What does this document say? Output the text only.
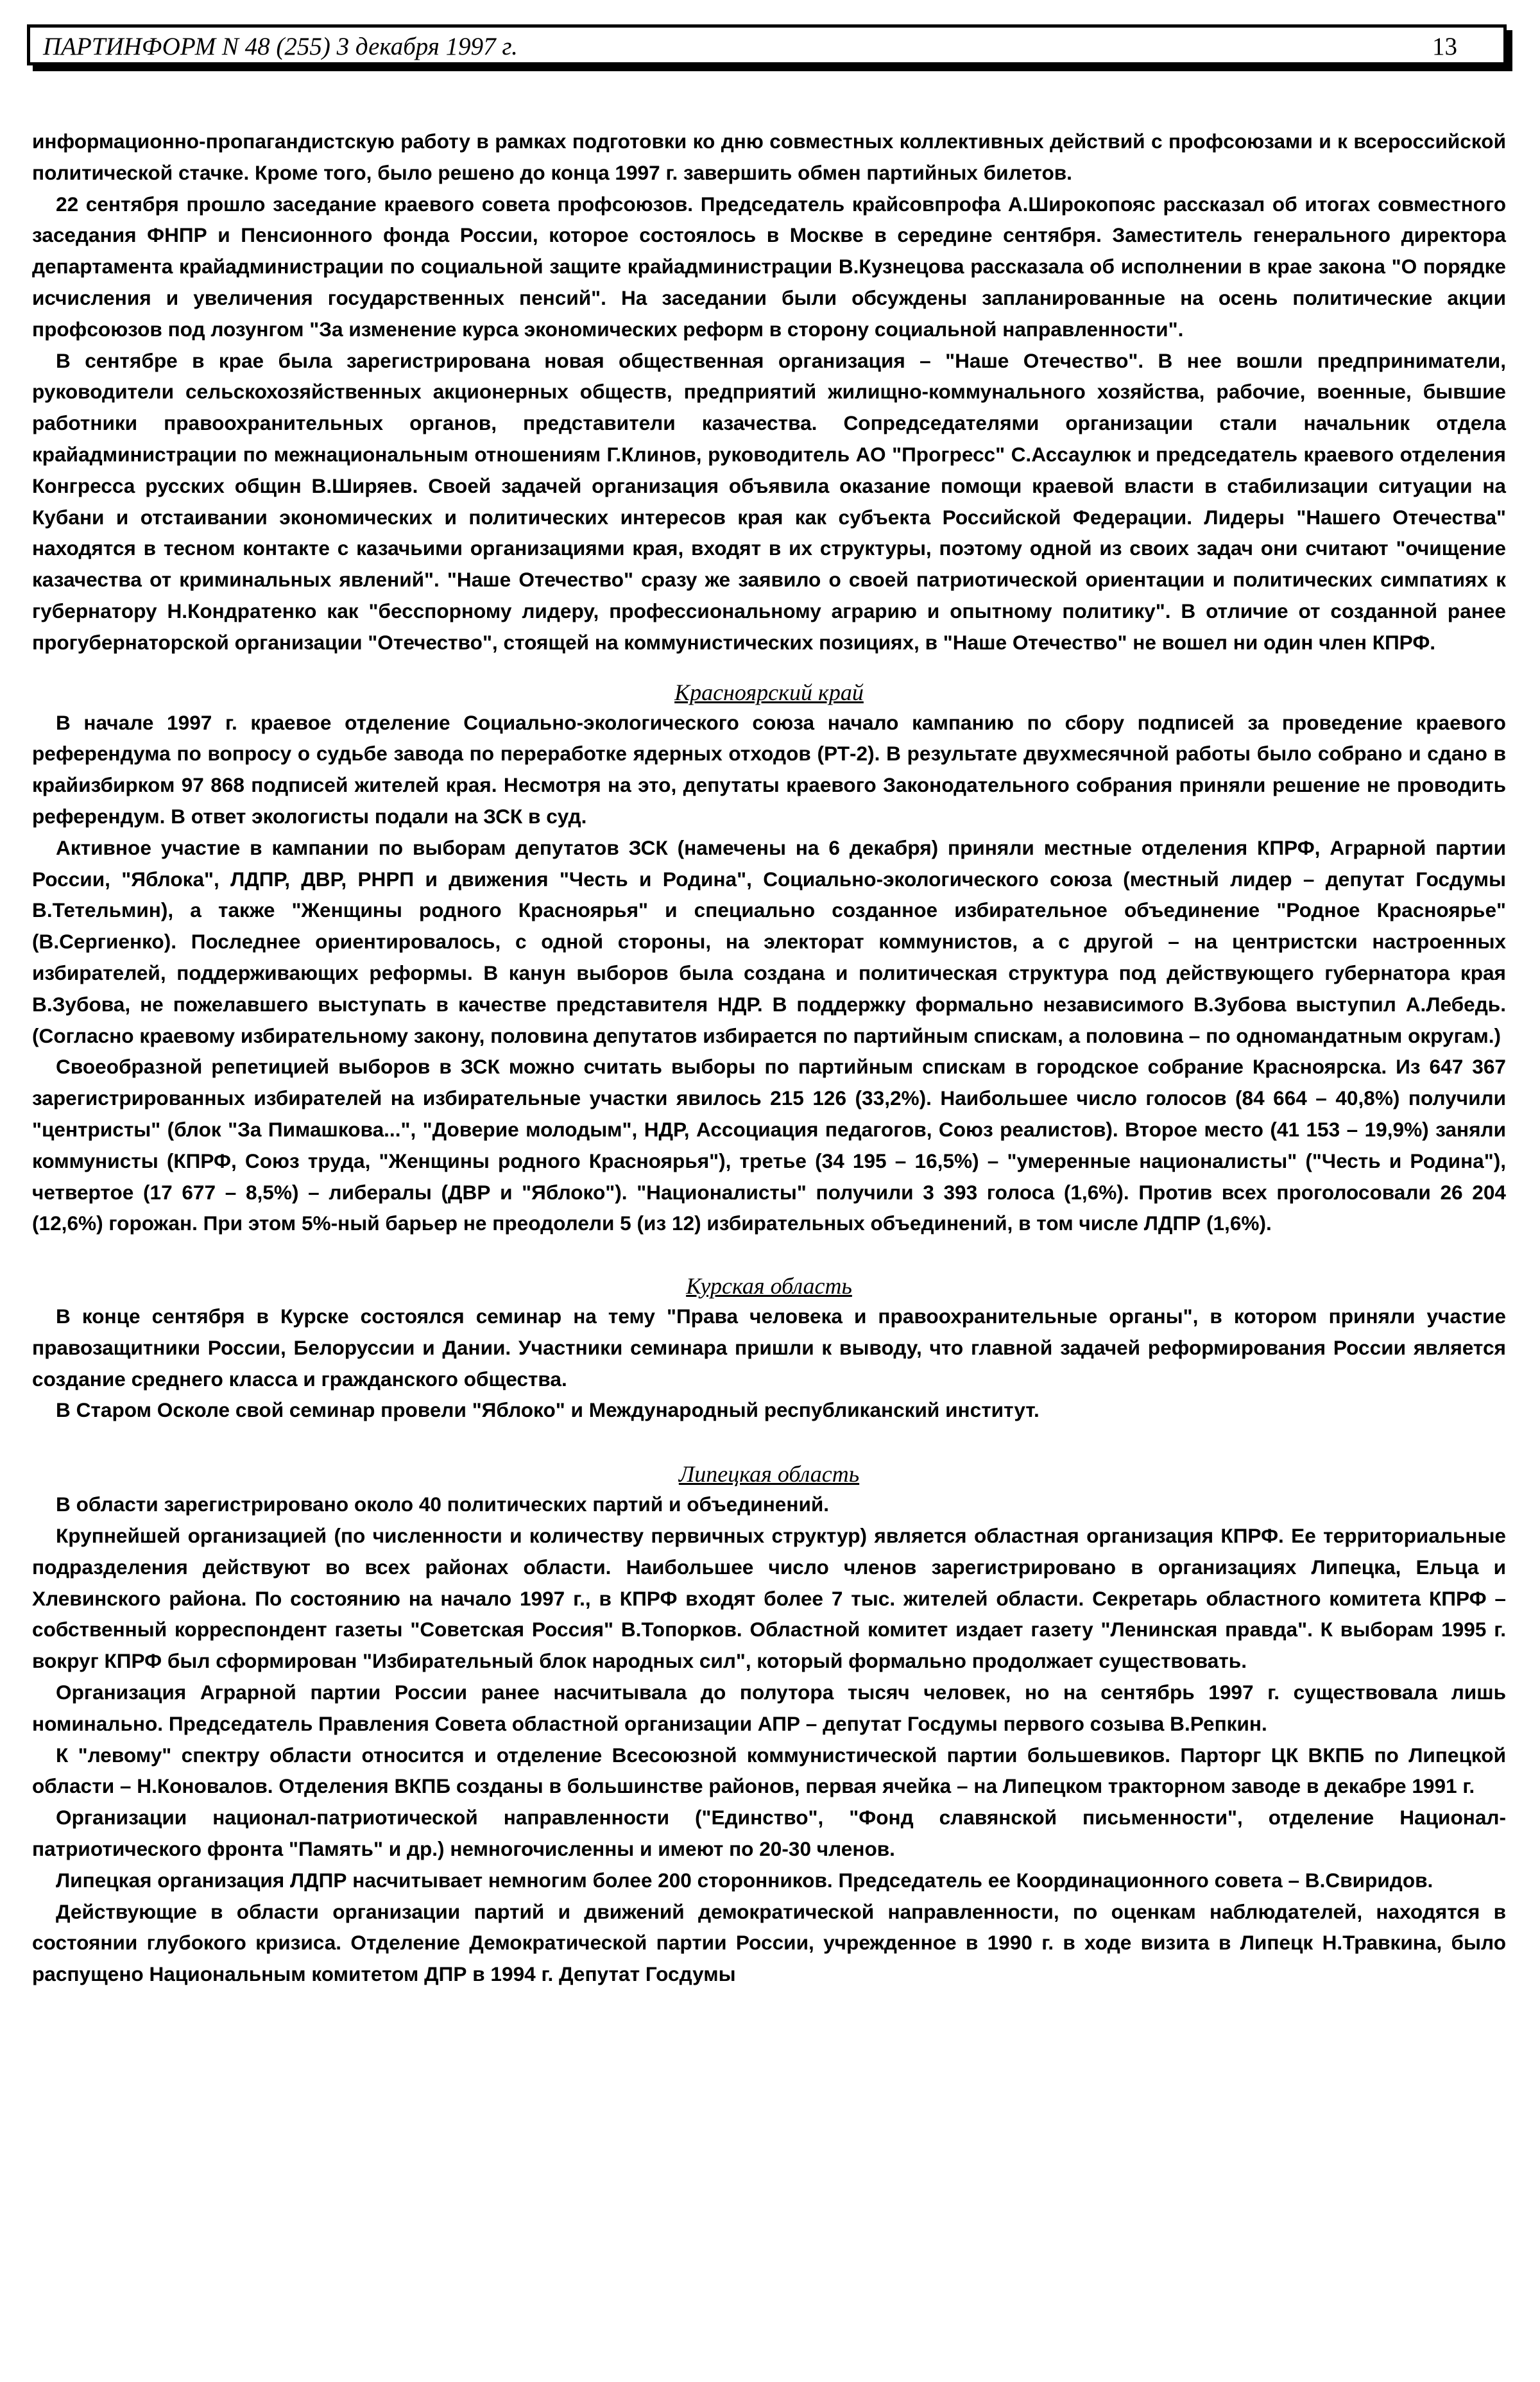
ПАРТИНФОРМ N 48 (255) 3 декабря 1997 г.	13

информационно-пропагандистскую работу в рамках подготовки ко дню совместных коллективных действий с профсоюзами и к всероссийской политической стачке. Кроме того, было решено до конца 1997 г. завершить обмен партийных билетов.

22 сентября прошло заседание краевого совета профсоюзов. Председатель крайсовпрофа А.Широкопояс рассказал об итогах совместного заседания ФНПР и Пенсионного фонда России, которое состоялось в Москве в середине сентября. Заместитель генерального директора департамента крайадминистрации по социальной защите крайадминистрации В.Кузнецова рассказала об исполнении в крае закона "О порядке исчисления и увеличения государственных пенсий". На заседании были обсуждены запланированные на осень политические акции профсоюзов под лозунгом "За изменение курса экономических реформ в сторону социальной направленности".

В сентябре в крае была зарегистрирована новая общественная организация – "Наше Отечество". В нее вошли предприниматели, руководители сельскохозяйственных акционерных обществ, предприятий жилищно-коммунального хозяйства, рабочие, военные, бывшие работники правоохранительных органов, представители казачества. Сопредседателями организации стали начальник отдела крайадминистрации по межнациональным отношениям Г.Клинов, руководитель АО "Прогресс" С.Ассаулюк и председатель краевого отделения Конгресса русских общин В.Ширяев. Своей задачей организация объявила оказание помощи краевой власти в стабилизации ситуации на Кубани и отстаивании экономических и политических интересов края как субъекта Российской Федерации. Лидеры "Нашего Отечества" находятся в тесном контакте с казачьими организациями края, входят в их структуры, поэтому одной из своих задач они считают "очищение казачества от криминальных явлений". "Наше Отечество" сразу же заявило о своей патриотической ориентации и политических симпатиях к губернатору Н.Кондратенко как "бесспорному лидеру, профессиональному аграрию и опытному политику". В отличие от созданной ранее прогубернаторской организации "Отечество", стоящей на коммунистических позициях, в "Наше Отечество" не вошел ни один член КПРФ.

Красноярский край

В начале 1997 г. краевое отделение Социально-экологического союза начало кампанию по сбору подписей за проведение краевого референдума по вопросу о судьбе завода по переработке ядерных отходов (РТ-2). В результате двухмесячной работы было собрано и сдано в крайизбирком 97 868 подписей жителей края. Несмотря на это, депутаты краевого Законодательного собрания приняли решение не проводить референдум. В ответ экологисты подали на ЗСК в суд.

Активное участие в кампании по выборам депутатов ЗСК (намечены на 6 декабря) приняли местные отделения КПРФ, Аграрной партии России, "Яблока", ЛДПР, ДВР, РНРП и движения "Честь и Родина", Социально-экологического союза (местный лидер – депутат Госдумы В.Тетельмин), а также "Женщины родного Красноярья" и специально созданное избирательное объединение "Родное Красноярье" (В.Сергиенко). Последнее ориентировалось, с одной стороны, на электорат коммунистов, а с другой – на центристски настроенных избирателей, поддерживающих реформы. В канун выборов была создана и политическая структура под действующего губернатора края В.Зубова, не пожелавшего выступать в качестве представителя НДР. В поддержку формально независимого В.Зубова выступил А.Лебедь. (Согласно краевому избирательному закону, половина депутатов избирается по партийным спискам, а половина – по одномандатным округам.)

Своеобразной репетицией выборов в ЗСК можно считать выборы по партийным спискам в городское собрание Красноярска. Из 647 367 зарегистрированных избирателей на избирательные участки явилось 215 126 (33,2%). Наибольшее число голосов (84 664 – 40,8%) получили "центристы" (блок "За Пимашкова...", "Доверие молодым", НДР, Ассоциация педагогов, Союз реалистов). Второе место (41 153 – 19,9%) заняли коммунисты (КПРФ, Союз труда, "Женщины родного Красноярья"), третье (34 195 – 16,5%) – "умеренные националисты" ("Честь и Родина"), четвертое (17 677 – 8,5%) – либералы (ДВР и "Яблоко"). "Националисты" получили 3 393 голоса (1,6%). Против всех проголосовали 26 204 (12,6%) горожан. При этом 5%-ный барьер не преодолели 5 (из 12) избирательных объединений, в том числе ЛДПР (1,6%).

Курская область

В конце сентября в Курске состоялся семинар на тему "Права человека и правоохранительные органы", в котором приняли участие правозащитники России, Белоруссии и Дании. Участники семинара пришли к выводу, что главной задачей реформирования России является создание среднего класса и гражданского общества.

В Старом Осколе свой семинар провели "Яблоко" и Международный республиканский институт.

Липецкая область

В области зарегистрировано около 40 политических партий и объединений.

Крупнейшей организацией (по численности и количеству первичных структур) является областная организация КПРФ. Ее территориальные подразделения действуют во всех районах области. Наибольшее число членов зарегистрировано в организациях Липецка, Ельца и Хлевинского района. По состоянию на начало 1997 г., в КПРФ входят более 7 тыс. жителей области. Секретарь областного комитета КПРФ – собственный корреспондент газеты "Советская Россия" В.Топорков. Областной комитет издает газету "Ленинская правда". К выборам 1995 г. вокруг КПРФ был сформирован "Избирательный блок народных сил", который формально продолжает существовать.

Организация Аграрной партии России ранее насчитывала до полутора тысяч человек, но на сентябрь 1997 г. существовала лишь номинально. Председатель Правления Совета областной организации АПР – депутат Госдумы первого созыва В.Репкин.

К "левому" спектру области относится и отделение Всесоюзной коммунистической партии большевиков. Парторг ЦК ВКПБ по Липецкой области – Н.Коновалов. Отделения ВКПБ созданы в большинстве районов, первая ячейка – на Липецком тракторном заводе в декабре 1991 г.

Организации национал-патриотической направленности ("Единство", "Фонд славянской письменности", отделение Национал-патриотического фронта "Память" и др.) немногочисленны и имеют по 20-30 членов.

Липецкая организация ЛДПР насчитывает немногим более 200 сторонников. Председатель ее Координационного совета – В.Свиридов.

Действующие в области организации партий и движений демократической направленности, по оценкам наблюдателей, находятся в состоянии глубокого кризиса. Отделение Демократической партии России, учрежденное в 1990 г. в ходе визита в Липецк Н.Травкина, было распущено Национальным комитетом ДПР в 1994 г. Депутат Госдумы
